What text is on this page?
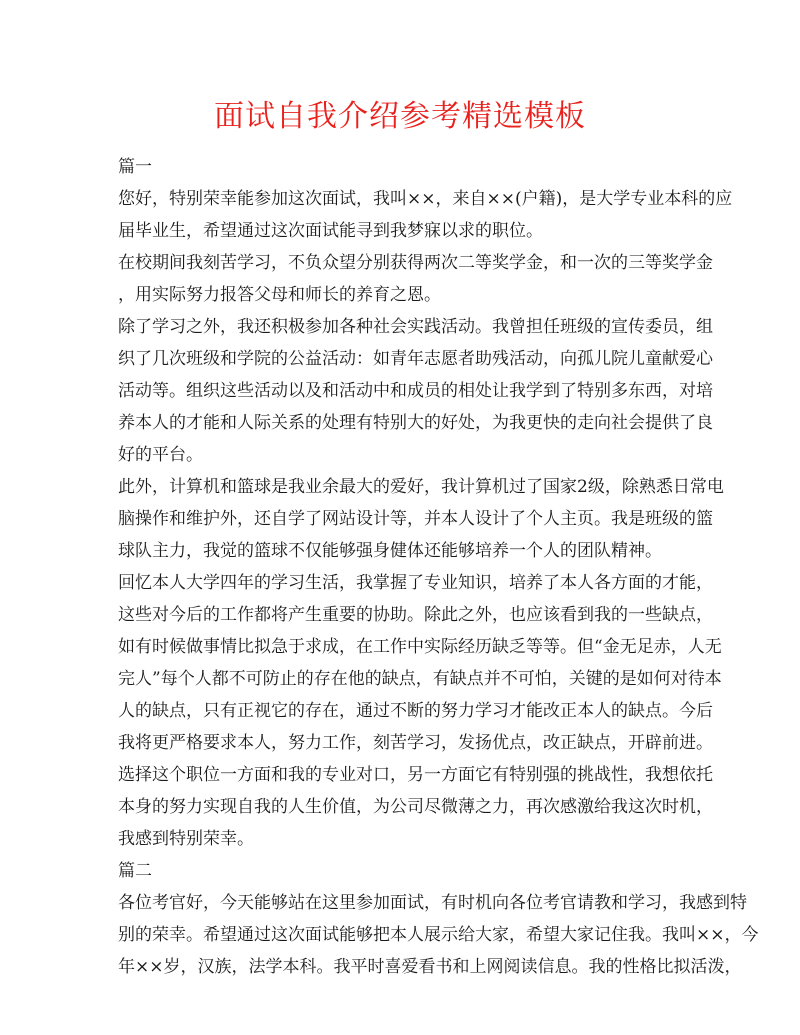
面试自我介绍参考精选模板

篇一

您好，特别荣幸能参加这次面试，我叫××，来自××(户籍)，是大学专业本科的应
届毕业生，希望通过这次面试能寻到我梦寐以求的职位。

在校期间我刻苦学习，不负众望分别获得两次二等奖学金，和一次的三等奖学金
，用实际努力报答父母和师长的养育之恩。

除了学习之外，我还积极参加各种社会实践活动。我曾担任班级的宣传委员，组
织了几次班级和学院的公益活动：如青年志愿者助残活动，向孤儿院儿童献爱心
活动等。组织这些活动以及和活动中和成员的相处让我学到了特别多东西，对培
养本人的才能和人际关系的处理有特别大的好处，为我更快的走向社会提供了良
好的平台。

此外，计算机和篮球是我业余最大的爱好，我计算机过了国家2级，除熟悉日常电
脑操作和维护外，还自学了网站设计等，并本人设计了个人主页。我是班级的篮
球队主力，我觉的篮球不仅能够强身健体还能够培养一个人的团队精神。

回忆本人大学四年的学习生活，我掌握了专业知识，培养了本人各方面的才能，
这些对今后的工作都将产生重要的协助。除此之外，也应该看到我的一些缺点，
如有时候做事情比拟急于求成，在工作中实际经历缺乏等等。但“金无足赤，人无
完人”每个人都不可防止的存在他的缺点，有缺点并不可怕，关键的是如何对待本
人的缺点，只有正视它的存在，通过不断的努力学习才能改正本人的缺点。今后
我将更严格要求本人，努力工作，刻苦学习，发扬优点，改正缺点，开辟前进。

选择这个职位一方面和我的专业对口，另一方面它有特别强的挑战性，我想依托
本身的努力实现自我的人生价值，为公司尽微薄之力，再次感激给我这次时机，
我感到特别荣幸。

篇二

各位考官好，今天能够站在这里参加面试，有时机向各位考官请教和学习，我感到特
别的荣幸。希望通过这次面试能够把本人展示给大家，希望大家记住我。我叫××，今
年××岁，汉族，法学本科。我平时喜爱看书和上网阅读信息。我的性格比拟活泼，
